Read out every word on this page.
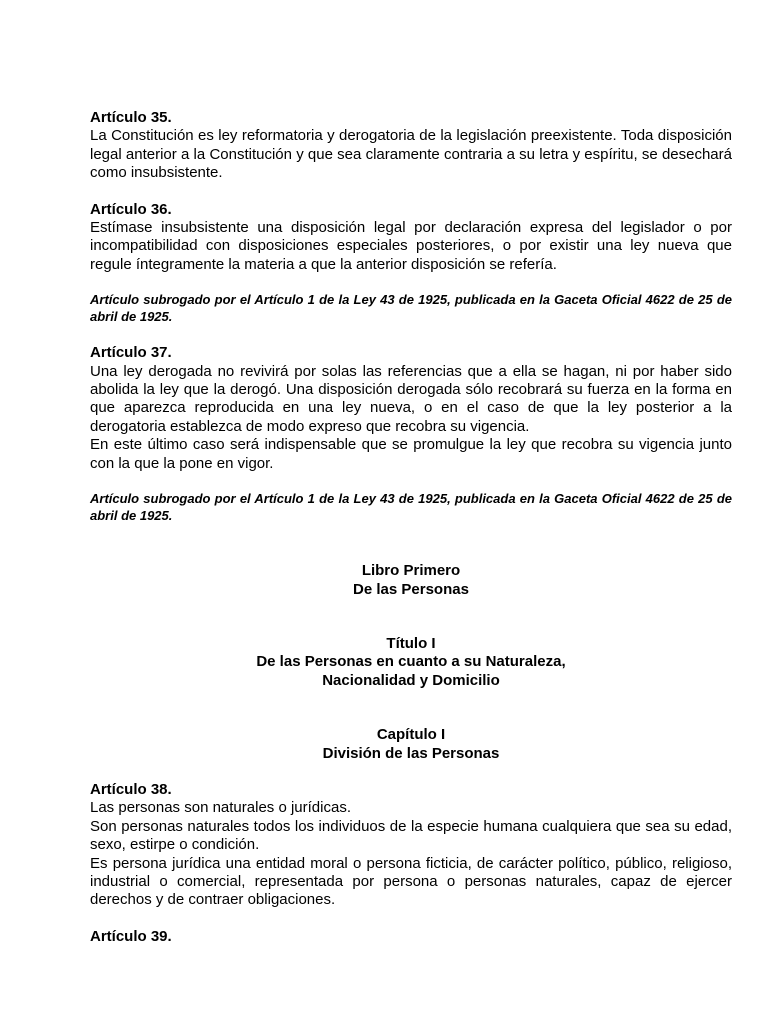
Artículo 35.

La Constitución es ley reformatoria y derogatoria de la legislación preexistente. Toda disposición legal anterior a la Constitución y que sea claramente contraria a su letra y espíritu, se desechará como insubsistente.

Artículo 36.

Estímase insubsistente una disposición legal por declaración expresa del legislador o por incompatibilidad con disposiciones especiales posteriores, o por existir una ley nueva que regule íntegramente la materia a que la anterior disposición se refería.

Artículo subrogado por el Artículo 1 de la Ley 43 de 1925, publicada en la Gaceta Oficial 4622 de 25 de abril de 1925.

Artículo 37.

Una ley derogada no revivirá por solas las referencias que a ella se hagan, ni por haber sido abolida la ley que la derogó. Una disposición derogada sólo recobrará su fuerza en la forma en que aparezca reproducida en una ley nueva, o en el caso de que la ley posterior a la derogatoria establezca de modo expreso que recobra su vigencia.

En este último caso será indispensable que se promulgue la ley que recobra su vigencia junto con la que la pone en vigor.

Artículo subrogado por el Artículo 1 de la Ley 43 de 1925, publicada en la Gaceta Oficial 4622 de 25 de abril de 1925.

Libro Primero
De las Personas
Título I
De las Personas en cuanto a su Naturaleza,
Nacionalidad y Domicilio
Capítulo I
División de las Personas

Artículo 38.

Las personas son naturales o jurídicas.

Son personas naturales todos los individuos de la especie humana cualquiera que sea su edad, sexo, estirpe o condición.

Es persona jurídica una entidad moral o persona ficticia, de carácter político, público, religioso, industrial o comercial, representada por persona o personas naturales, capaz de ejercer derechos y de contraer obligaciones.

Artículo 39.
